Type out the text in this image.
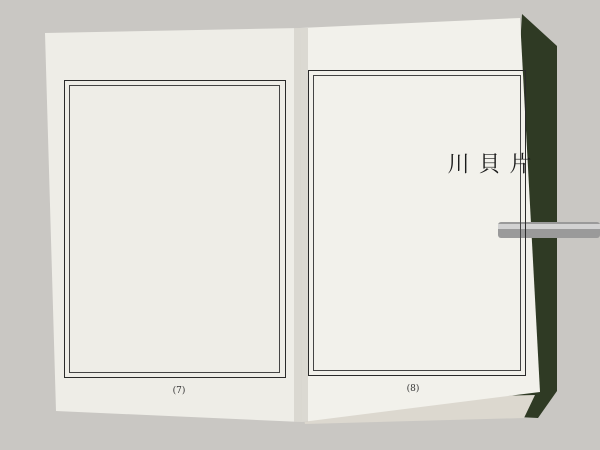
(7)
片貝川
(8)
